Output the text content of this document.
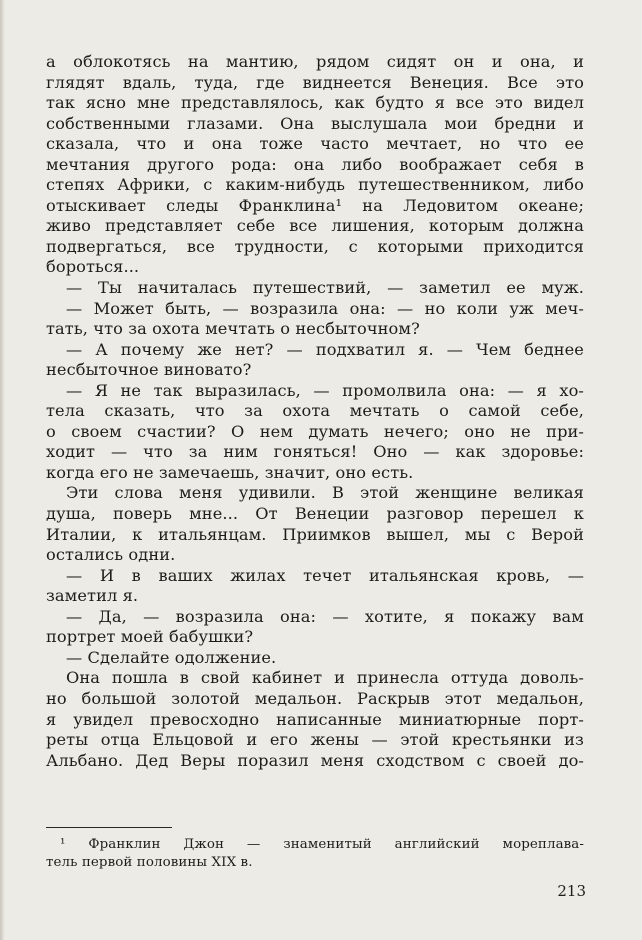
а облокотясь на мантию, рядом сидят он и она, и
глядят вдаль, туда, где виднеется Венеция. Все это
так ясно мне представлялось, как будто я все это видел
собственными глазами. Она выслушала мои бредни и
сказала, что и она тоже часто мечтает, но что ее
мечтания другого рода: она либо воображает себя в
степях Африки, с каким-нибудь путешественником, либо
отыскивает следы Франклина¹ на Ледовитом океане;
живо представляет себе все лишения, которым должна
подвергаться, все трудности, с которыми приходится
бороться...
— Ты начиталась путешествий, — заметил ее муж.
— Может быть, — возразила она: — но коли уж меч-
тать, что за охота мечтать о несбыточном?
— А почему же нет? — подхватил я. — Чем беднее
несбыточное виновато?
— Я не так выразилась, — промолвила она: — я хо-
тела сказать, что за охота мечтать о самой себе,
о своем счастии? О нем думать нечего; оно не при-
ходит — что за ним гоняться! Оно — как здоровье:
когда его не замечаешь, значит, оно есть.
Эти слова меня удивили. В этой женщине великая
душа, поверь мне... От Венеции разговор перешел к
Италии, к итальянцам. Приимков вышел, мы с Верой
остались одни.
— И в ваших жилах течет итальянская кровь, —
заметил я.
— Да, — возразила она: — хотите, я покажу вам
портрет моей бабушки?
— Сделайте одолжение.
Она пошла в свой кабинет и принесла оттуда доволь-
но большой золотой медальон. Раскрыв этот медальон,
я увидел превосходно написанные миниатюрные порт-
реты отца Ельцовой и его жены — этой крестьянки из
Альбано. Дед Веры поразил меня сходством с своей до-
¹ Франклин Джон — знаменитый английский мореплава-
тель первой половины XIX в.
213
